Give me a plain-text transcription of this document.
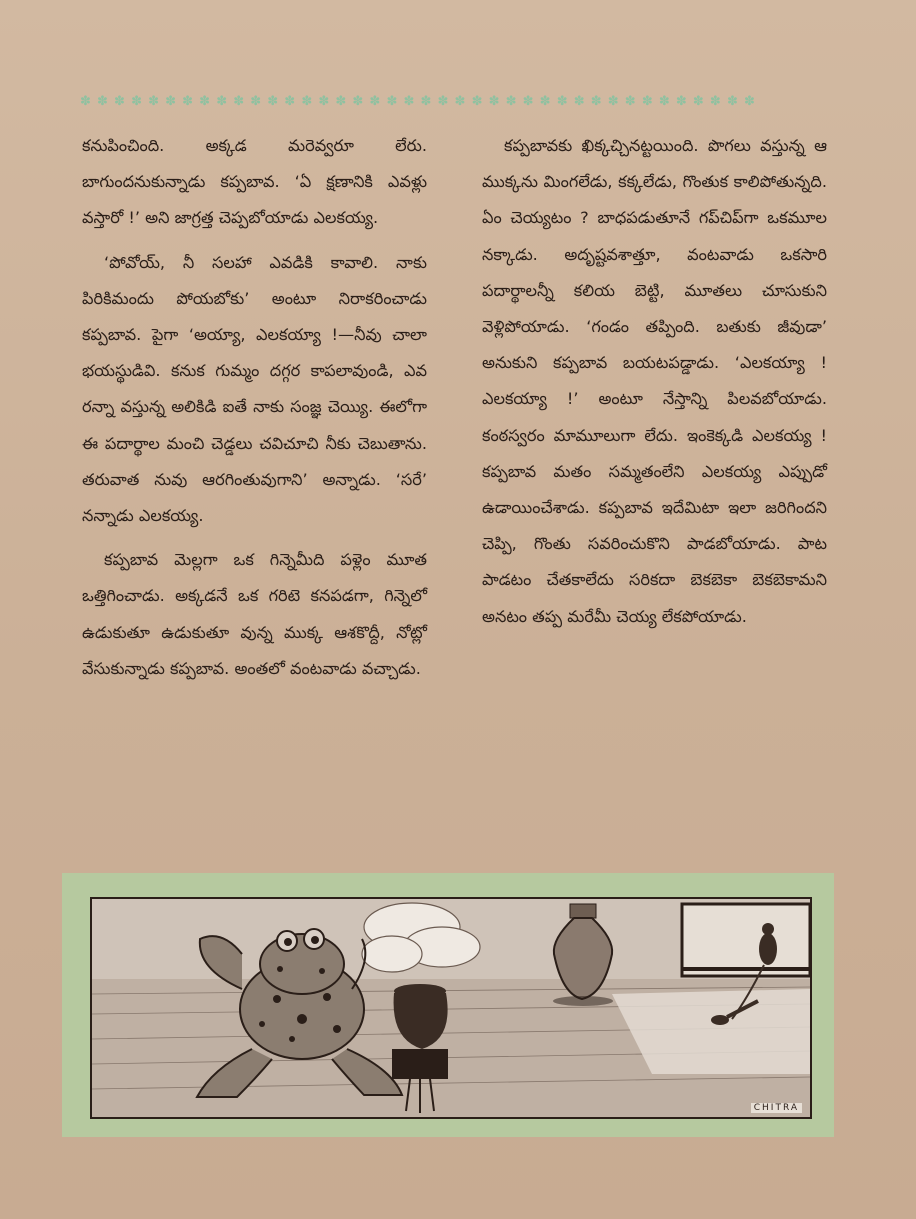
✽ ✽ ✽ ✽ ✽ ✽ ✽ ✽ ✽ ✽ ✽ ✽ ✽ ✽ ✽ ✽ ✽ ✽ ✽ ✽ ✽ ✽ ✽ ✽ ✽ ✽ ✽ ✽ ✽ ✽ ✽ ✽ ✽ ✽ ✽ ✽ ✽ ✽ ✽ ✽

కనుపించింది. అక్కడ మరెవ్వరూ లేరు. బాగుందనుకున్నాడు కప్పబావ. ‘ఏ క్షణానికి ఎవళ్లు వస్తారో !’ అని జాగ్రత్త చెప్పబోయాడు ఎలకయ్య.

‘పోవోయ్, నీ సలహా ఎవడికి కావాలి. నాకు పిరికిమందు పోయబోకు’ అంటూ నిరాకరించాడు కప్పబావ. పైగా ‘అయ్యా, ఎలకయ్యా !—నీవు చాలా భయస్థుడివి. కనుక గుమ్మం దగ్గర కాపలావుండి, ఎవ రన్నా వస్తున్న అలికిడి ఐతే నాకు సంజ్ఞ చెయ్యి. ఈలోగా ఈ పదార్థాల మంచి చెడ్డలు చవిచూచి నీకు చెబుతాను. తరువాత నువు ఆరగింతువుగాని’ అన్నాడు. ‘సరే’ నన్నాడు ఎలకయ్య.

కప్పబావ మెల్లగా ఒక గిన్నెమీది పళ్లెం మూత ఒత్తిగించాడు. అక్కడనే ఒక గరిటె కనపడగా, గిన్నెలో ఉడుకుతూ ఉడుకుతూ వున్న ముక్క ఆశకొద్దీ, నోట్లో వేసుకున్నాడు కప్పబావ. అంతలో వంటవాడు వచ్చాడు.

కప్పబావకు ఖిక్కచ్చినట్టయింది. పొగలు వస్తున్న ఆ ముక్కను మింగలేడు, కక్కలేడు, గొంతుక కాలిపోతున్నది. ఏం చెయ్యటం ? బాధపడుతూనే గప్‌చిప్‌గా ఒకమూల నక్కాడు. అదృష్టవశాత్తూ, వంటవాడు ఒకసారి పదార్థాలన్నీ కలియ బెట్టి, మూతలు చూసుకుని వెళ్లిపోయాడు. ‘గండం తప్పింది. బతుకు జీవుడా’ అనుకుని కప్పబావ బయటపడ్డాడు. ‘ఎలకయ్యా ! ఎలకయ్యా !’ అంటూ నేస్తాన్ని పిలవబోయాడు. కంఠస్వరం మామూలుగా లేదు. ఇంకెక్కడి ఎలకయ్య ! కప్పబావ మతం సమ్మతంలేని ఎలకయ్య ఎప్పుడో ఉడాయించేశాడు. కప్పబావ ఇదేమిటా ఇలా జరిగిందని చెప్పి, గొంతు సవరించుకొని పాడబోయాడు. పాట పాడటం చేతకాలేదు సరికదా బెకబెకా బెకబెకామని అనటం తప్ప మరేమీ చెయ్య లేకపోయాడు.

CHITRA
